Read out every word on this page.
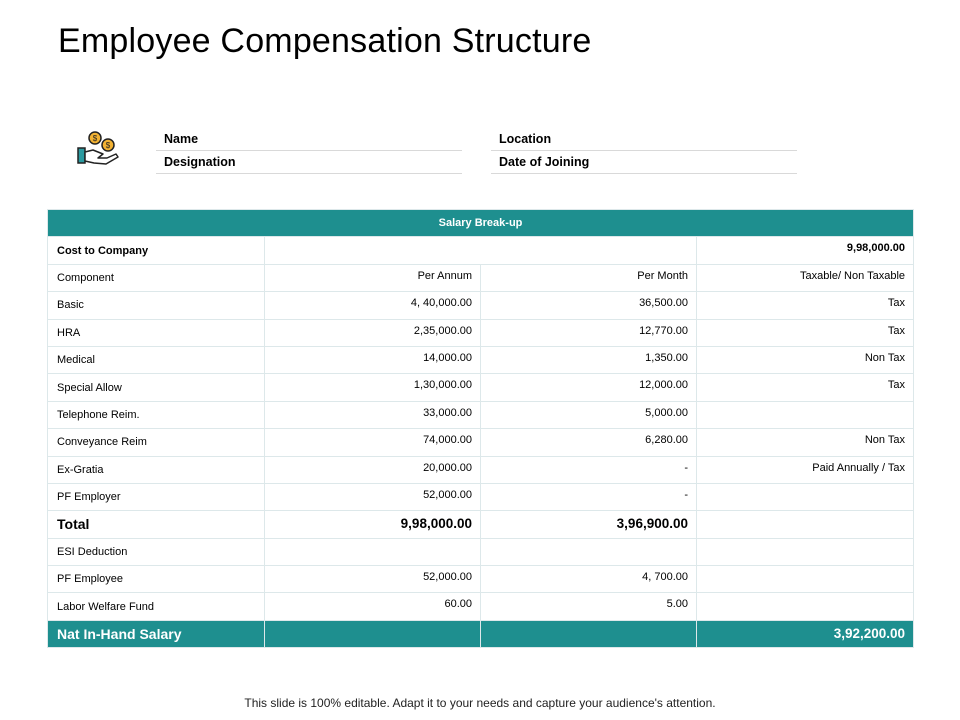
Employee Compensation Structure
$
$	Name
Designation
Location
Date of Joining
Salary Break-up			
Cost to Company			9,98,000.00
Component	Per Annum	Per Month	Taxable/ Non Taxable
Basic	4, 40,000.00	36,500.00	Tax
HRA	2,35,000.00	12,770.00	Tax
Medical	14,000.00	1,350.00	Non Tax
Special Allow	1,30,000.00	12,000.00	Tax
Telephone Reim.	33,000.00	5,000.00	
Conveyance Reim	74,000.00	6,280.00	Non Tax
Ex-Gratia	20,000.00	-	Paid Annually / Tax
PF Employer	52,000.00	-	
Total	9,98,000.00	3,96,900.00	
ESI Deduction			
PF Employee	52,000.00	4, 700.00	
Labor Welfare Fund	60.00	5.00	
Nat In-Hand Salary			3,92,200.00
This slide is 100% editable. Adapt it to your needs and capture your audience's attention.
